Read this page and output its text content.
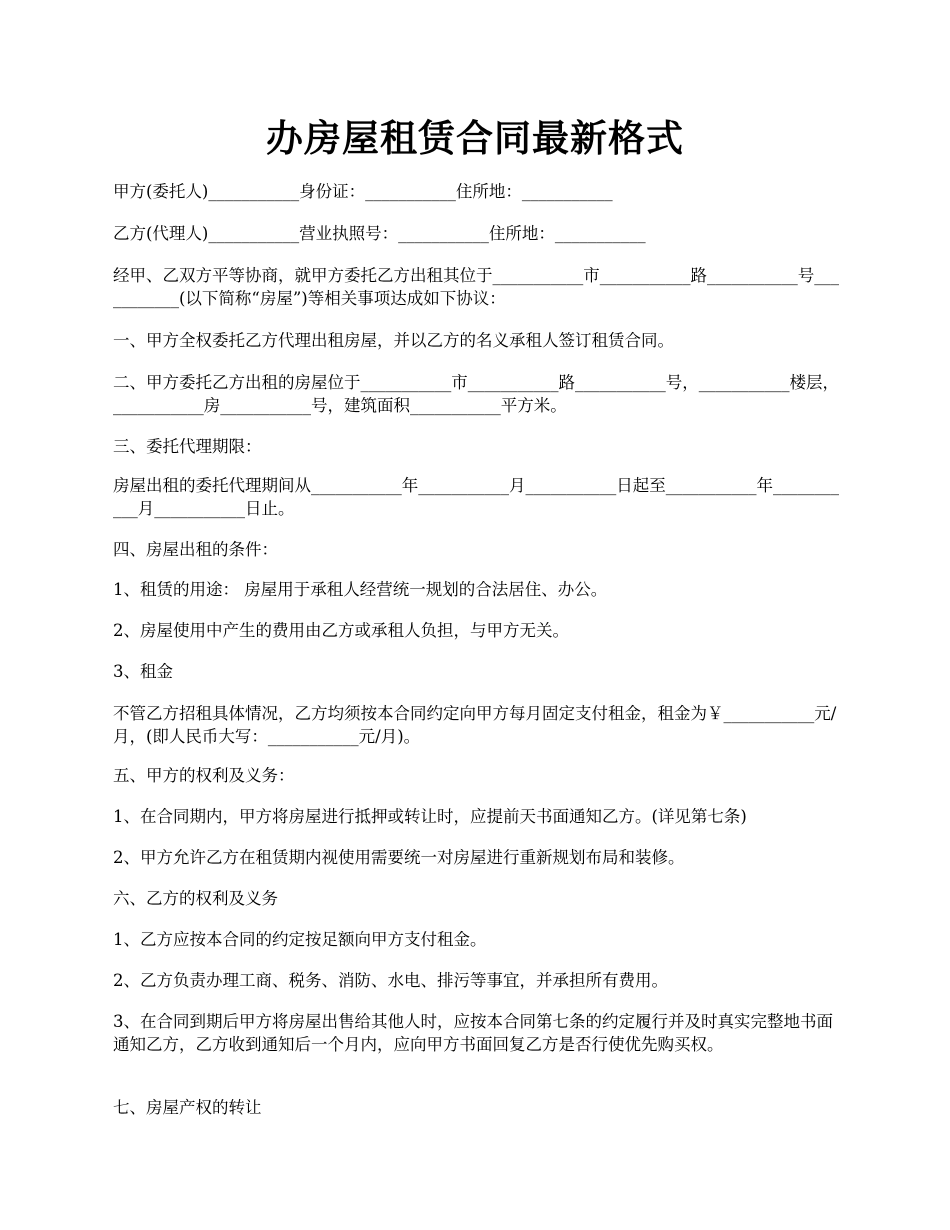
办房屋租赁合同最新格式

甲方(委托人)___________身份证：___________住所地：___________

乙方(代理人)___________营业执照号：___________住所地：___________

经甲、乙双方平等协商，就甲方委托乙方出租其位于___________市___________路___________号___________(以下简称“房屋”)等相关事项达成如下协议：

一、甲方全权委托乙方代理出租房屋，并以乙方的名义承租人签订租赁合同。

二、甲方委托乙方出租的房屋位于___________市___________路___________号，___________楼层，___________房___________号，建筑面积___________平方米。

三、委托代理期限：

房屋出租的委托代理期间从___________年___________月___________日起至___________年___________月___________日止。

四、房屋出租的条件：

1、租赁的用途： 房屋用于承租人经营统一规划的合法居住、办公。

2、房屋使用中产生的费用由乙方或承租人负担，与甲方无关。

3、租金

不管乙方招租具体情况，乙方均须按本合同约定向甲方每月固定支付租金，租金为￥___________元/月，(即人民币大写：___________元/月)。

五、甲方的权利及义务：

1、在合同期内，甲方将房屋进行抵押或转让时，应提前天书面通知乙方。(详见第七条)

2、甲方允许乙方在租赁期内视使用需要统一对房屋进行重新规划布局和装修。

六、乙方的权利及义务

1、乙方应按本合同的约定按足额向甲方支付租金。

2、乙方负责办理工商、税务、消防、水电、排污等事宜，并承担所有费用。

3、在合同到期后甲方将房屋出售给其他人时，应按本合同第七条的约定履行并及时真实完整地书面通知乙方，乙方收到通知后一个月内，应向甲方书面回复乙方是否行使优先购买权。

七、房屋产权的转让
